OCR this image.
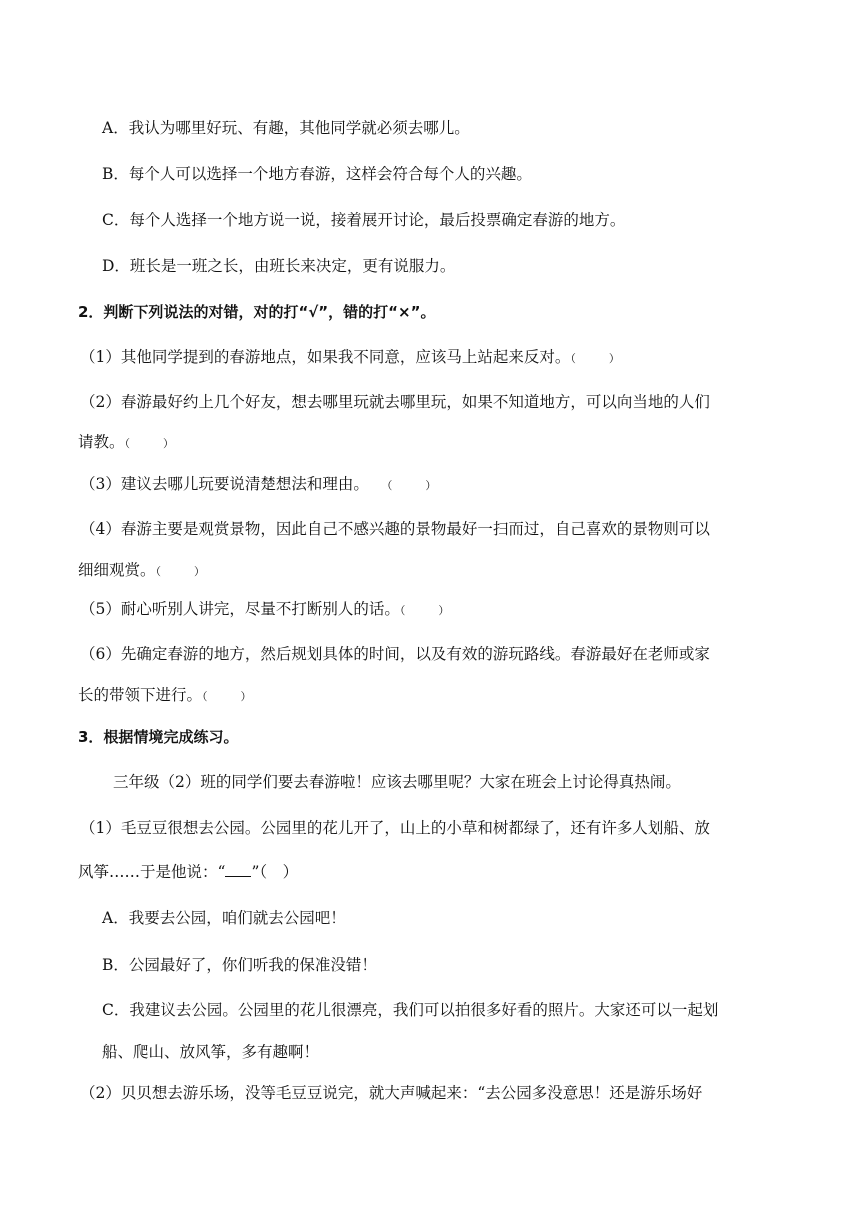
A．我认为哪里好玩、有趣，其他同学就必须去哪儿。
B．每个人可以选择一个地方春游，这样会符合每个人的兴趣。
C．每个人选择一个地方说一说，接着展开讨论，最后投票确定春游的地方。
D．班长是一班之长，由班长来决定，更有说服力。
2．判断下列说法的对错，对的打“√”，错的打“×”。
（1）其他同学提到的春游地点，如果我不同意，应该马上站起来反对。（　　　）
（2）春游最好约上几个好友，想去哪里玩就去哪里玩，如果不知道地方，可以向当地的人们
请教。（　　　）
（3）建议去哪儿玩要说清楚想法和理由。 （　　　）
（4）春游主要是观赏景物，因此自己不感兴趣的景物最好一扫而过，自己喜欢的景物则可以
细细观赏。（　　　）
（5）耐心听别人讲完，尽量不打断别人的话。（　　　）
（6）先确定春游的地方，然后规划具体的时间，以及有效的游玩路线。春游最好在老师或家
长的带领下进行。（　　　）
3．根据情境完成练习。
三年级（2）班的同学们要去春游啦！应该去哪里呢？大家在班会上讨论得真热闹。
（1）毛豆豆很想去公园。公园里的花儿开了，山上的小草和树都绿了，还有许多人划船、放
风筝……于是他说：“ ”（　）
A．我要去公园，咱们就去公园吧！
B．公园最好了，你们听我的保准没错！
C．我建议去公园。公园里的花儿很漂亮，我们可以拍很多好看的照片。大家还可以一起划
船、爬山、放风筝，多有趣啊！
（2）贝贝想去游乐场，没等毛豆豆说完，就大声喊起来：“去公园多没意思！还是游乐场好
